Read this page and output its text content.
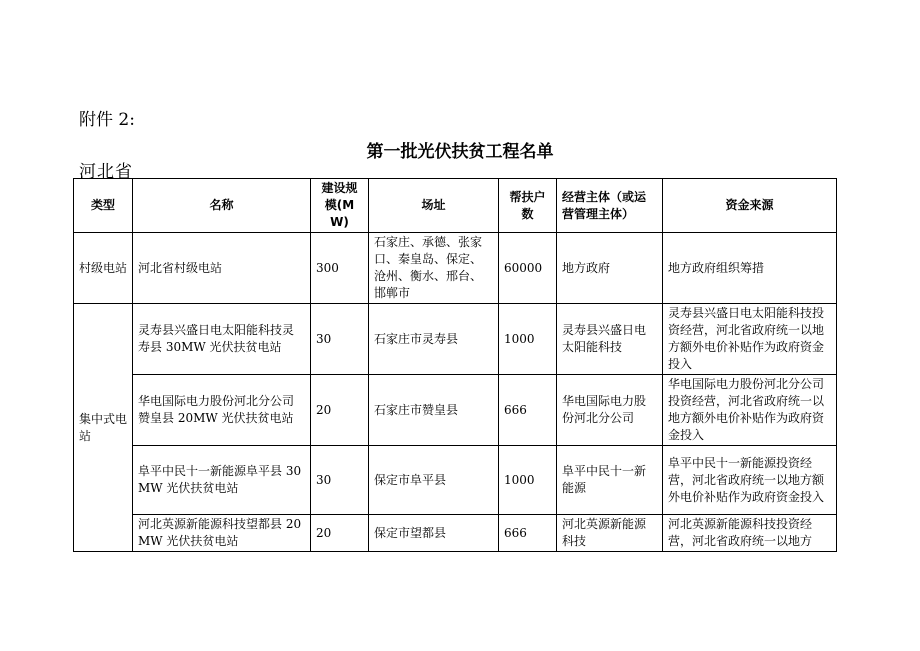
附件 2:
第一批光伏扶贫工程名单
河北省
类型	名称	建设规模(MW)	场址	帮扶户数	经营主体（或运营管理主体）	资金来源
村级电站	河北省村级电站	300	石家庄、承德、张家口、秦皇岛、保定、沧州、衡水、邢台、邯郸市	60000	地方政府	地方政府组织筹措
集中式电站	灵寿县兴盛日电太阳能科技灵寿县 30MW 光伏扶贫电站	30	石家庄市灵寿县	1000	灵寿县兴盛日电太阳能科技	灵寿县兴盛日电太阳能科技投资经营，河北省政府统一以地方额外电价补贴作为政府资金投入

	华电国际电力股份河北分公司赞皇县 20MW 光伏扶贫电站	20	石家庄市赞皇县	666	华电国际电力股份河北分公司	华电国际电力股份河北分公司投资经营，河北省政府统一以地方额外电价补贴作为政府资金投入

	阜平中民十一新能源阜平县 30MW 光伏扶贫电站	30	保定市阜平县	1000	阜平中民十一新能源	阜平中民十一新能源投资经营，河北省政府统一以地方额外电价补贴作为政府资金投入

	河北英源新能源科技望都县 20MW 光伏扶贫电站	20	保定市望都县	666	河北英源新能源科技	河北英源新能源科技投资经营，河北省政府统一以地方
